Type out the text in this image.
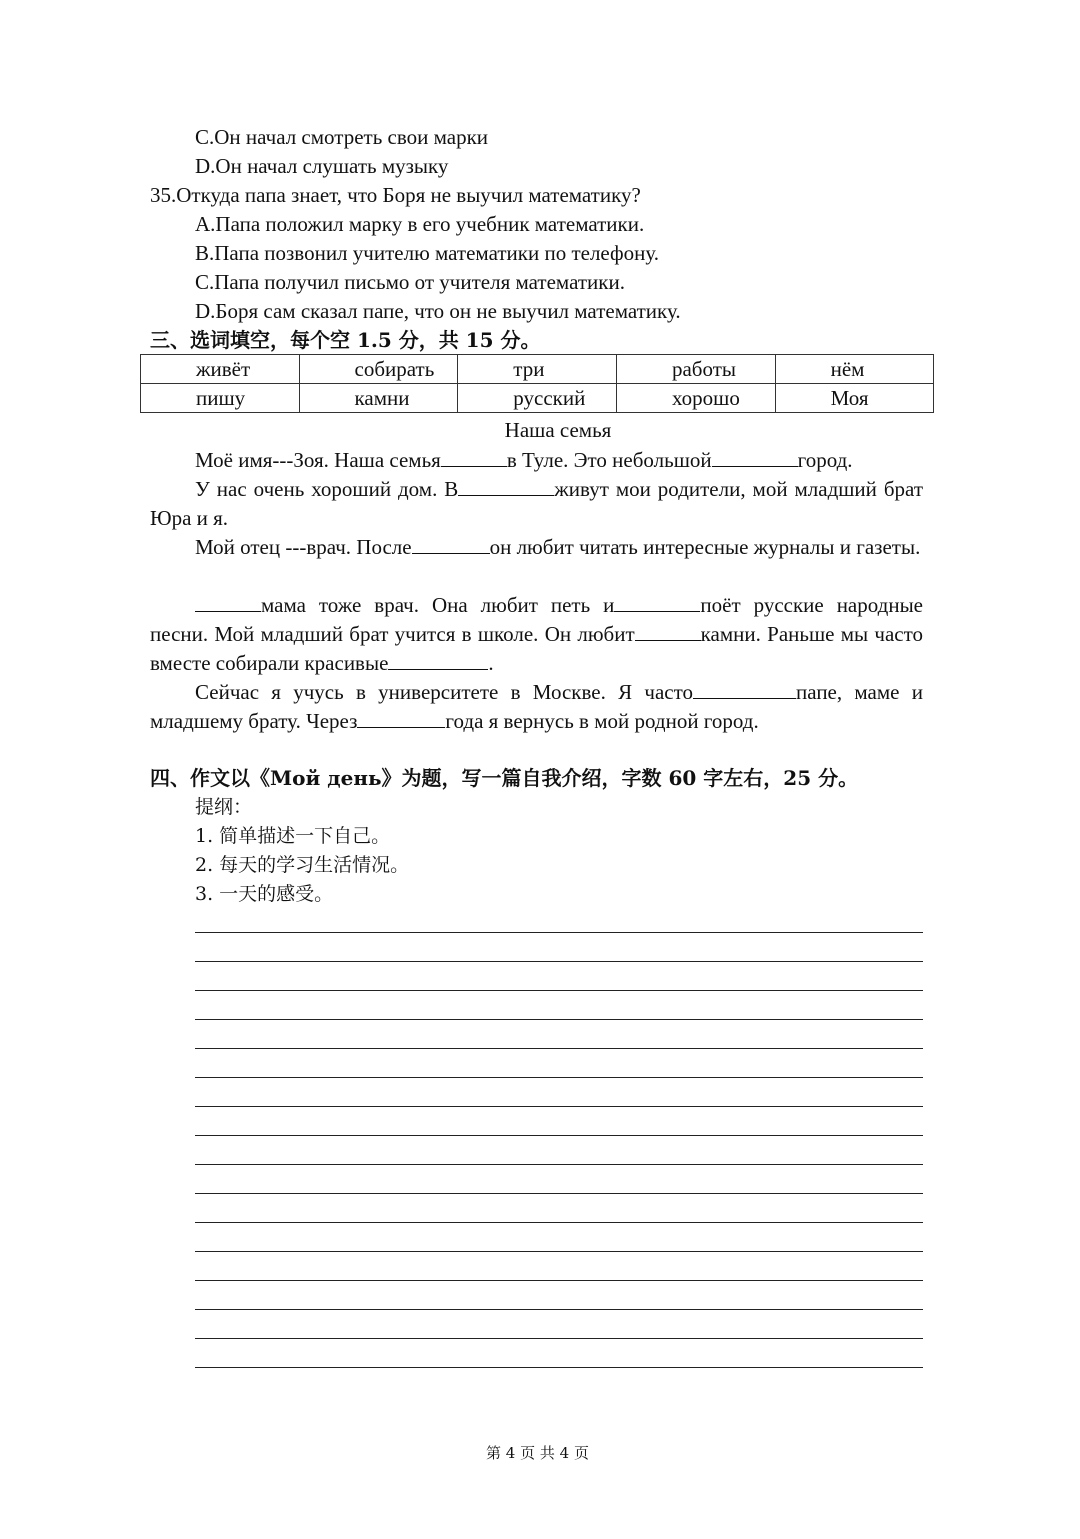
C.Он начал смотреть свои марки
D.Он начал слушать музыку
35.Откуда папа знает, что Боря не выучил математику?
A.Папа положил марку в его учебник математики.
B.Папа позвонил учителю математики по телефону.
C.Папа получил письмо от учителя математики.
D.Боря сам сказал папе, что он не выучил математику.
三、选词填空，每个空 1.5 分，共 15 分。
живёт	собирать	три	работы	нём
пишу	камни	русский	хорошо	Моя
Наша семья
Моё имя---Зоя. Наша семья	в Туле. Это небольшой	город.
У нас очень хороший дом. В	живут мои родители, мой младший брат Юра и я.
Мой отец ---врач. После	он любит читать интересные журналы и газеты.
мама тоже врач. Она любит петь и	поёт русские народные песни. Мой младший брат учится в школе. Он любит	камни. Раньше мы часто вместе собирали красивые	.
Сейчас я учусь в университете в Москве. Я часто	папе, маме и младшему брату. Через	года я вернусь в мой родной город.
四、作文以《Мой день》为题，写一篇自我介绍，字数 60 字左右，25 分。
提纲：
1. 简单描述一下自己。
2. 每天的学习生活情况。
3. 一天的感受。
第 4 页 共 4 页
